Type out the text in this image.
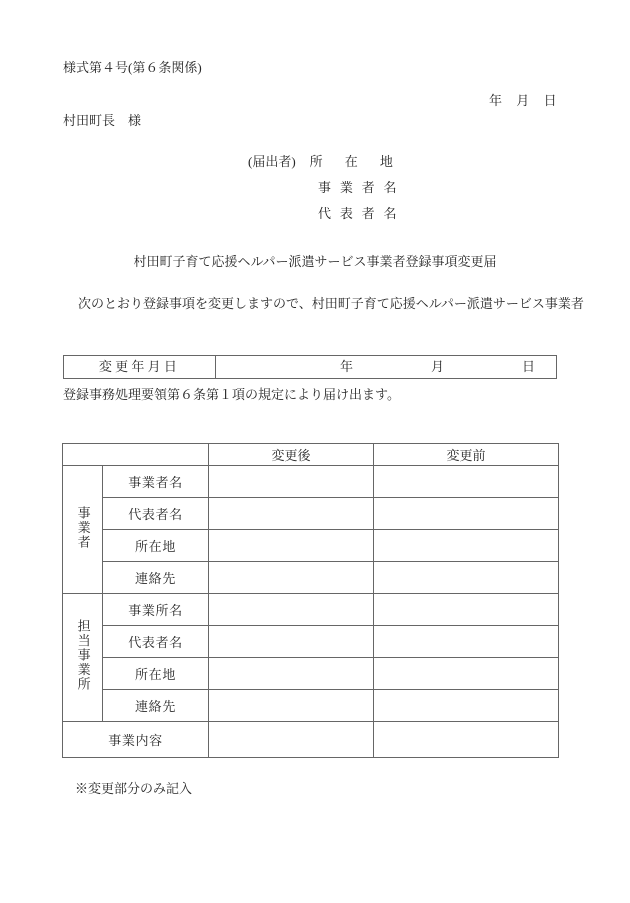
様式第４号(第６条関係)
年　月　日
村田町長　様
(届出者) 所　在　地
事業者名
代表者名
村田町子育て応援ヘルパー派遣サービス事業者登録事項変更届
次のとおり登録事項を変更しますので、村田町子育て応援ヘルパー派遣サービス事業者
変更年月日	年　　　　　　月　　　　　　日
登録事務処理要領第６条第１項の規定により届け出ます。
		変更後	変更前
事業者	事業者名		
	代表者名		
	所在地		
	連絡先		
担当事業所	事業所名		
	代表者名		
	所在地		
	連絡先		
事業内容			
※変更部分のみ記入
